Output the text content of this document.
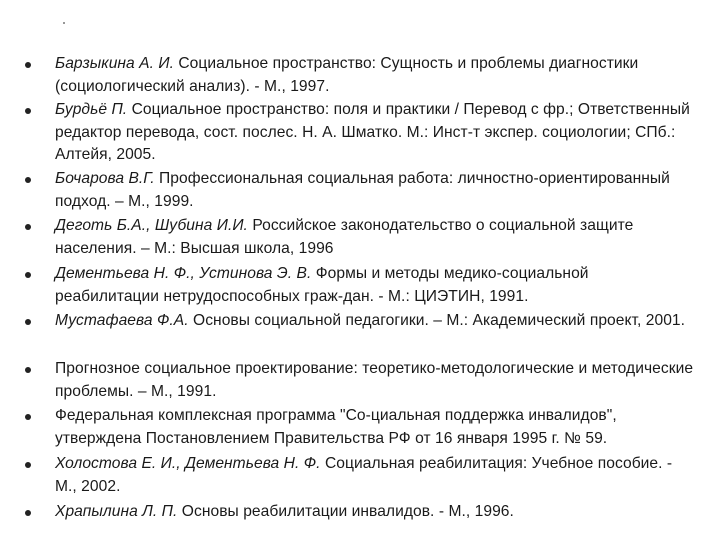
Барзыкина А. И. Социальное пространство: Сущность и проблемы диагностики (социологический анализ). - М., 1997.
Бурдьё П. Социальное пространство: поля и практики / Перевод с фр.; Ответственный редактор перевода, сост. послес. Н. А. Шматко. М.: Инст-т экспер. социологии; СПб.: Алтейя, 2005.
Бочарова В.Г. Профессиональная социальная работа: личностно-ориентированный подход. – М., 1999.
Деготь Б.А., Шубина И.И. Российское законодательство о социальной защите населения. – М.: Высшая школа, 1996
Дементьева Н. Ф., Устинова Э. В. Формы и методы медико-социальной реабилитации нетрудоспособных граж-дан. - М.: ЦИЭТИН, 1991.
Мустафаева Ф.А. Основы социальной педагогики. – М.: Академический проект, 2001.
Прогнозное социальное проектирование: теоретико-методологические и методические проблемы. – М., 1991.
Федеральная комплексная программа "Со-циальная поддержка инвалидов", утверждена Постановлением Правительства РФ от 16 января 1995 г. № 59.
Холостова Е. И., Дементьева Н. Ф. Социальная реабилитация: Учебное пособие. - М., 2002.
Храпылина Л. П. Основы реабилитации инвалидов. - М., 1996.
